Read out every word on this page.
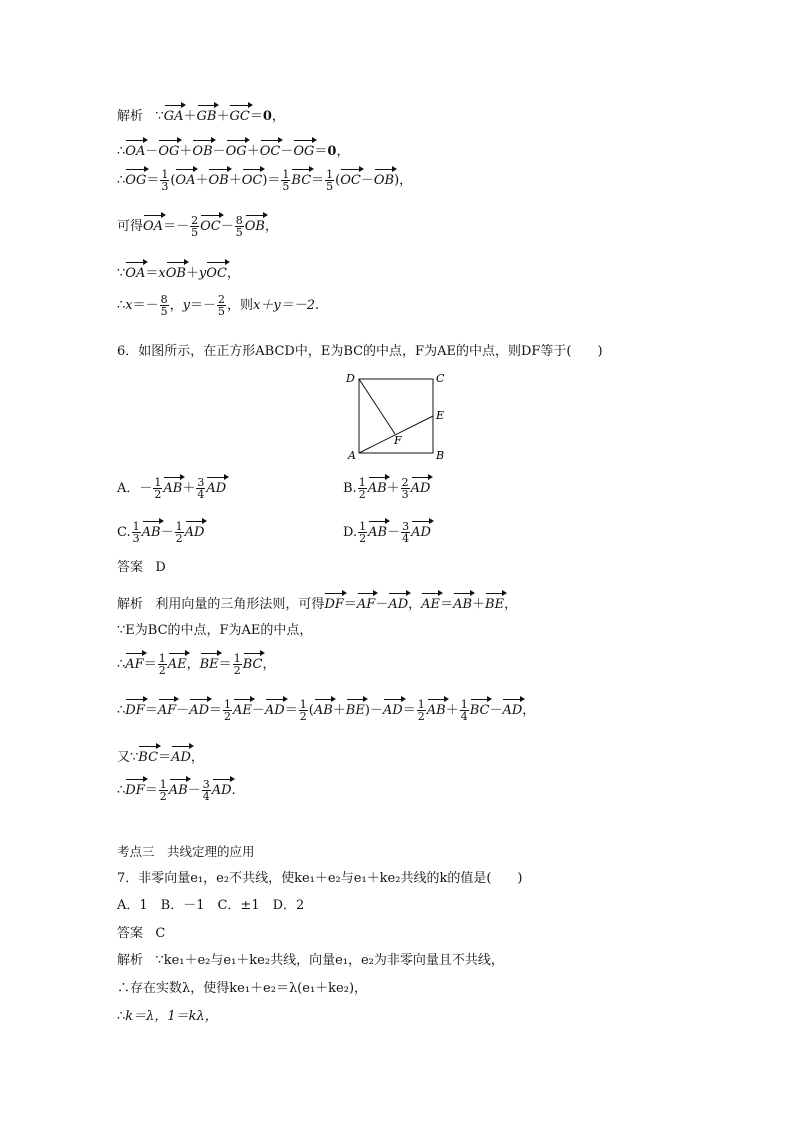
解析 ∵GA＋GB＋GC＝0，
∴OA－OG＋OB－OG＋OC－OG＝0，
∴OG＝ $\frac{1}{3} (OA+OB+OC)= \frac{1}{5} BC= \frac{1}{5} (OC-OB)$，
可得$OA=- \frac{2}{5} OC- \frac{8}{5}$ OB，
∵OA＝xOB＋yOC，
∴x＝－ $\frac{8}{5}$ ，$y=- \frac{2}{5}$ ，则x＋y＝－2.
6．如图所示，在正方形ABCD中，E为BC的中点，F为AE的中点，则DF等于(　　)
D	C
E
F
A	B
A．－ $\frac{1}{2} AB+ \frac{3}{4}$ AD	B. $\frac{1}{2} AB+ \frac{2}{3}$ AD
C. $\frac{1}{3} AB- \frac{1}{2}$ AD	D. $\frac{1}{2} AB- \frac{3}{4}$ AD
答案 D
解析 利用向量的三角形法则，可得DF＝AF－AD，AE＝AB＋BE，
∵E为BC的中点，F为AE的中点，
∴AF＝ $\frac{1}{2}$ AE，$BE= \frac{1}{2}$ BC，
∴DF＝AF－AD＝ $\frac{1}{2} AE-AD= \frac{1}{2} (AB+BE)-AD= \frac{1}{2} AB+ \frac{1}{4} BC-AD$，
又∵BC＝AD，
∴DF＝ $\frac{1}{2} AB- \frac{3}{4}$ AD.
考点三　共线定理的应用
7．非零向量e₁，e₂不共线，使ke₁＋e₂与e₁＋ke₂共线的k的值是(　　)
A．1　B．－1　C．±1　D．2
答案 C
解析 ∵ke₁＋e₂与e₁＋ke₂共线，向量e₁，e₂为非零向量且不共线，
∴存在实数λ，使得ke₁＋e₂＝λ(e₁＋ke₂)，
∴k＝λ，1＝kλ，
